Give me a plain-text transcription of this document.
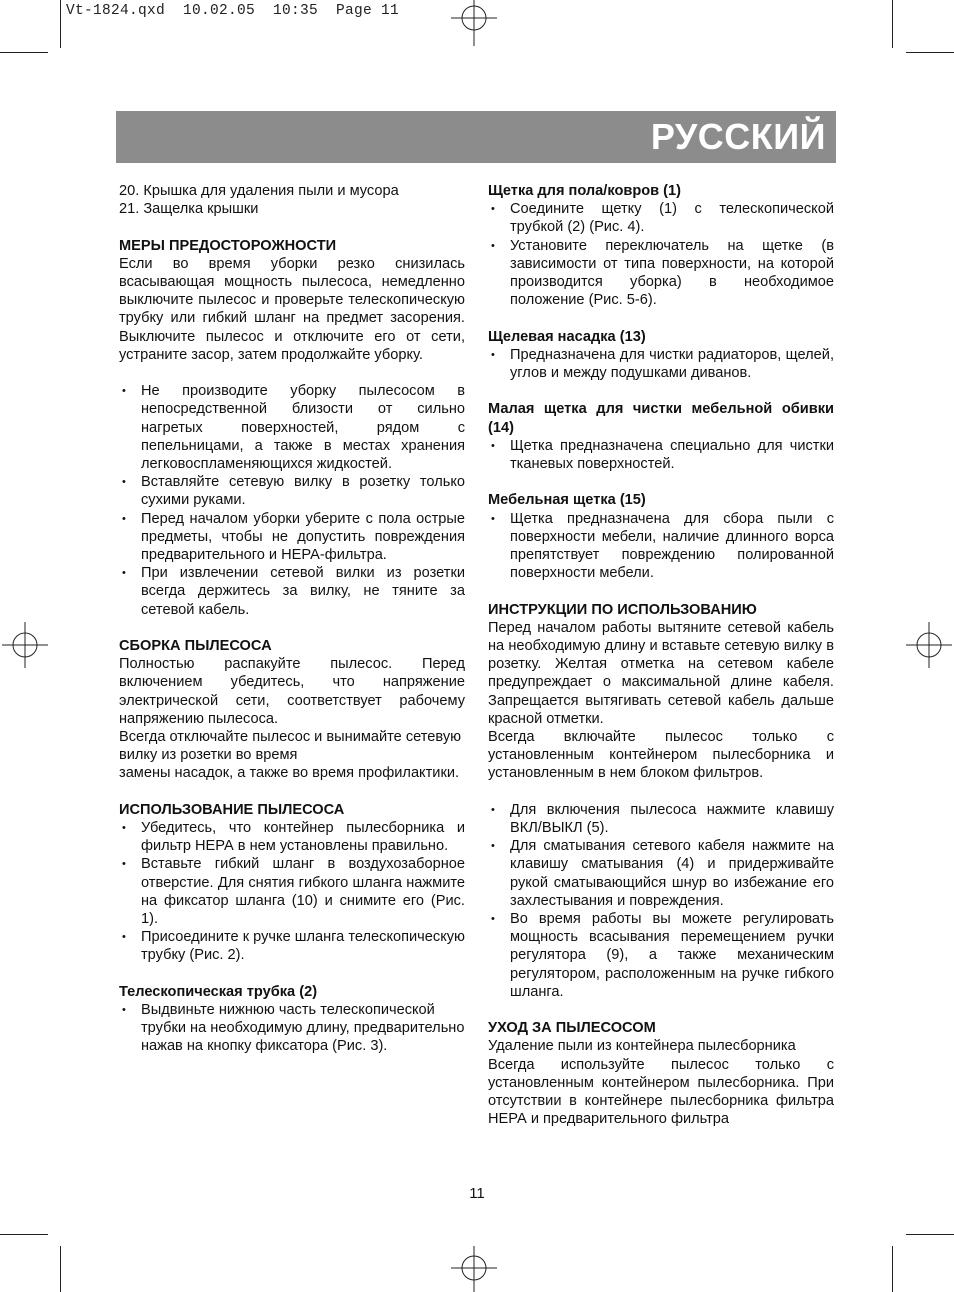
Vt-1824.qxd  10.02.05  10:35  Page 11
РУССКИЙ

20. Крышка для удаления пыли и мусора

21. Защелка крышки

МЕРЫ ПРЕДОСТОРОЖНОСТИ

Если во время уборки резко снизилась всасывающая мощность пылесоса, немедленно выключите пылесос и проверьте телескопическую трубку или гибкий шланг на предмет засорения. Выключите пылесос и отключите его от сети, устраните засор, затем продолжайте уборку.

• Не производите уборку пылесосом в непосредственной близости от сильно нагретых поверхностей, рядом с пепельницами, а также в местах хранения легковоспламеняющихся жидкостей.
• Вставляйте сетевую вилку в розетку только сухими руками.
• Перед началом уборки уберите с пола острые предметы, чтобы не допустить повреждения предварительного и НЕРА-фильтра.
• При извлечении сетевой вилки из розетки всегда держитесь за вилку, не тяните за сетевой кабель.
СБОРКА ПЫЛЕСОСА

Полностью распакуйте пылесос. Перед включением убедитесь, что напряжение электрической сети, соответствует рабочему напряжению пылесоса.

Всегда отключайте пылесос и вынимайте сетевую вилку из розетки во время

замены насадок, а также во время профилактики.

ИСПОЛЬЗОВАНИЕ ПЫЛЕСОСА
• Убедитесь, что контейнер пылесборника и фильтр НЕРА в нем установлены правильно.
• Вставьте гибкий шланг в воздухозаборное отверстие. Для снятия гибкого шланга нажмите на фиксатор шланга (10) и снимите его (Рис. 1).
• Присоедините к ручке шланга телескопическую трубку (Рис. 2).
Телескопическая трубка (2)
• Выдвиньте нижнюю часть телескопической трубки на необходимую длину, предварительно нажав на кнопку фиксатора (Рис. 3).
Щетка для пола/ковров (1)
• Соедините щетку (1) с телескопической трубкой (2) (Рис. 4).
• Установите переключатель на щетке (в зависимости от типа поверхности, на которой производится уборка) в необходимое положение (Рис. 5-6).
Щелевая насадка (13)
• Предназначена для чистки радиаторов, щелей, углов и между подушками диванов.
Малая щетка для чистки мебельной обивки (14)
• Щетка предназначена специально для чистки тканевых поверхностей.
Мебельная щетка (15)
• Щетка предназначена для сбора пыли с поверхности мебели, наличие длинного ворса препятствует повреждению полированной поверхности мебели.
ИНСТРУКЦИИ ПО ИСПОЛЬЗОВАНИЮ

Перед началом работы вытяните сетевой кабель на необходимую длину и вставьте сетевую вилку в розетку. Желтая отметка на сетевом кабеле предупреждает о максимальной длине кабеля. Запрещается вытягивать сетевой кабель дальше красной отметки.

Всегда включайте пылесос только с установленным контейнером пылесборника и установленным в нем блоком фильтров.

• Для включения пылесоса нажмите клавишу ВКЛ/ВЫКЛ (5).
• Для сматывания сетевого кабеля нажмите на клавишу сматывания (4) и придерживайте рукой сматывающийся шнур во избежание его захлестывания и повреждения.
• Во время работы вы можете регулировать мощность всасывания перемещением ручки регулятора (9), а также механическим регулятором, расположенным на ручке гибкого шланга.
УХОД ЗА ПЫЛЕСОСОМ

Удаление пыли из контейнера пылесборника

Всегда используйте пылесос только с установленным контейнером пылесборника. При отсутствии в контейнере пылесборника фильтра НЕРА и предварительного фильтра

11
